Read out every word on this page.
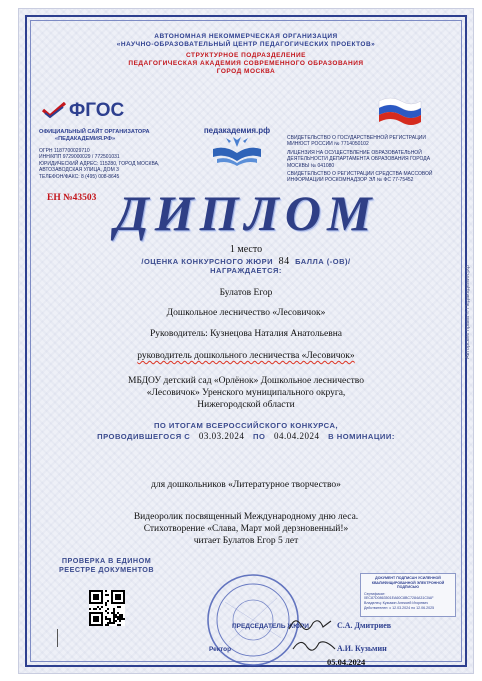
АВТОНОМНАЯ НЕКОММЕРЧЕСКАЯ ОРГАНИЗАЦИЯ
«НАУЧНО-ОБРАЗОВАТЕЛЬНЫЙ ЦЕНТР ПЕДАГОГИЧЕСКИХ ПРОЕКТОВ»
СТРУКТУРНОЕ ПОДРАЗДЕЛЕНИЕ
ПЕДАГОГИЧЕСКАЯ АКАДЕМИЯ СОВРЕМЕННОГО ОБРАЗОВАНИЯ
ГОРОД МОСКВА
ФГОС
ОФИЦИАЛЬНЫЙ САЙТ ОРГАНИЗАТОРА
«ПЕДАКАДЕМИЯ.РФ»
ОГРН 1187700029710
ИНН/КПП 9729000029 / 772501031
ЮРИДИЧЕСКИЙ АДРЕС: 115280, ГОРОД МОСКВА,
АВТОЗАВОДСКАЯ УЛИЦА, ДОМ 3
ТЕЛЕФОН/ФАКС: 8 (495) 008-8645
педакадемия.рф
СВИДЕТЕЛЬСТВО О ГОСУДАРСТВЕННОЙ РЕГИСТРАЦИИ МИНЮСТ РОССИИ № 7714050102
ЛИЦЕНЗИЯ НА ОСУЩЕСТВЛЕНИЕ ОБРАЗОВАТЕЛЬНОЙ ДЕЯТЕЛЬНОСТИ ДЕПАРТАМЕНТА ОБРАЗОВАНИЯ ГОРОДА МОСКВЫ № 041080
СВИДЕТЕЛЬСТВО О РЕГИСТРАЦИИ СРЕДСТВА МАССОВОЙ ИНФОРМАЦИИ РОСКОМНАДЗОР ЭЛ № ФС 77-75452
ЕН №43503 ДИПЛОМ
1 место
/ОЦЕНКА КОНКУРСНОГО ЖЮРИ 84 БАЛЛА (-ОВ)/
НАГРАЖДАЕТСЯ:
Булатов Егор
Дошкольное лесничество «Лесовичок»
Руководитель: Кузнецова Наталия Анатольевна
руководитель дошкольного лесничества «Лесовичок»
МБДОУ детский сад «Орлёнок» Дошкольное лесничество
«Лесовичок» Уренского муниципального округа,
Нижегородской области
ПО ИТОГАМ ВСЕРОССИЙСКОГО КОНКУРСА,
ПРОВОДИВШЕГОСЯ С 03.03.2024 ПО 04.04.2024 В НОМИНАЦИИ:
для дошкольников «Литературное творчество»
Видеоролик посвященный Международному дню леса.
Стихотворение «Слава, Март мой дерзновенный!»
читает Булатов Егор 5 лет
ПРОВЕРКА В ЕДИНОМ
РЕЕСТРЕ ДОКУМЕНТОВ
ПРЕДСЕДАТЕЛЬ ЖЮРИ
Ректор
С.А. Дмитриев
А.И. Кузьмин
05.04.2024
ДОКУМЕНТ ПОДПИСАН УСИЛЕННОЙ КВАЛИФИЦИРОВАННОЙ ЭЛЕКТРОННОЙ ПОДПИСЬЮ
Сертификат: 0EC87D0863501EA60C8BC7284A31C0AF
Владелец: Кузьмин Алексей Игоревич
Действителен: с 12.03.2024 по 12.06.2025
Авторские права © Педакадемия.рф
